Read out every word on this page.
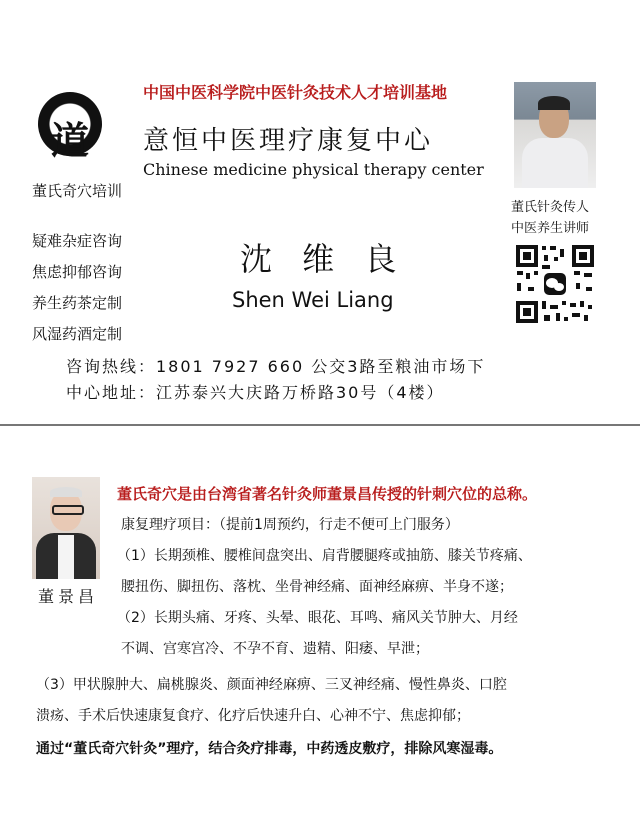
道
中国中医科学院中医针灸技术人才培训基地
意恒中医理疗康复中心
Chinese medicine physical therapy center
董氏奇穴培训
疑难杂症咨询
焦虑抑郁咨询
养生药茶定制
风湿药酒定制
沈 维 良
Shen Wei Liang
董氏针灸传人
中医养生讲师
咨询热线：1801 7927 660 公交3路至粮油市场下
中心地址：江苏泰兴大庆路万桥路30号（4楼）
董景昌
董氏奇穴是由台湾省著名针灸师董景昌传授的针刺穴位的总称。
康复理疗项目：（提前1周预约，行走不便可上门服务）
（1）长期颈椎、腰椎间盘突出、肩背腰腿疼或抽筋、膝关节疼痛、
腰扭伤、脚扭伤、落枕、坐骨神经痛、面神经麻痹、半身不遂；
（2）长期头痛、牙疼、头晕、眼花、耳鸣、痛风关节肿大、月经
不调、宫寒宫冷、不孕不育、遗精、阳痿、早泄；
（3）甲状腺肿大、扁桃腺炎、颜面神经麻痹、三叉神经痛、慢性鼻炎、口腔
溃疡、手术后快速康复食疗、化疗后快速升白、心神不宁、焦虑抑郁；
通过“董氏奇穴针灸”理疗，结合灸疗排毒，中药透皮敷疗，排除风寒湿毒。
